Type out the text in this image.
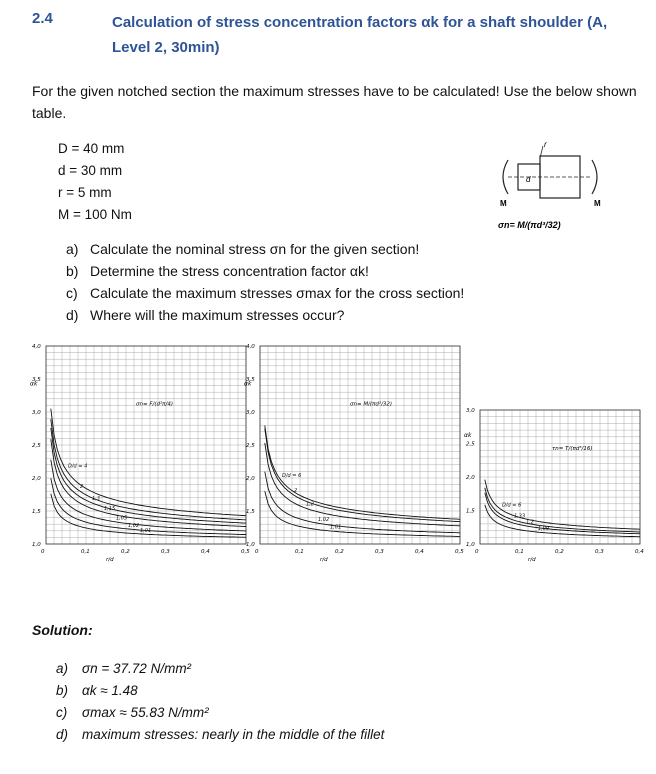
2.4	Calculation of stress concentration factors αk for a shaft shoulder (A, Level 2, 30min)
For the given notched section the maximum stresses have to be calculated! Use the below shown table.
D = 40 mm
d = 30 mm
r = 5 mm
M = 100 Nm
d
r
M	M
σn= M/(πd³/32)
a) Calculate the nominal stress σn for the given section!
b) Determine the stress concentration factor αk!
c) Calculate the maximum stresses σmax for the cross section!
d) Where will the maximum stresses occur?
0	0,1	0,2	0,3	0,4	0,5
1,0
1,5
2,0
2,5
3,0
3,5
4,0
r/d
αk
σn= F/(d²π/4)
D/d = 4
2
1,3
1,15
1,05
1,02
1,01
0	0,1	0,2	0,3	0,4	0,5
1,0
1,5
2,0
2,5
3,0
3,5
4,0
r/d
αk
σn= M/(πd³/32)
D/d = 6
2
1,2
1,02
1,01
0	0,1	0,2	0,3	0,4
1,0
1,5
2,0
2,5
3,0
r/d
αk
τn= T/(πd³/16)
D/d = 6
1,33
1,2
1,09
Solution:
a)	σn = 37.72 N/mm²
b)	αk ≈ 1.48
c)	σmax ≈ 55.83 N/mm²
d)	maximum stresses: nearly in the middle of the fillet
